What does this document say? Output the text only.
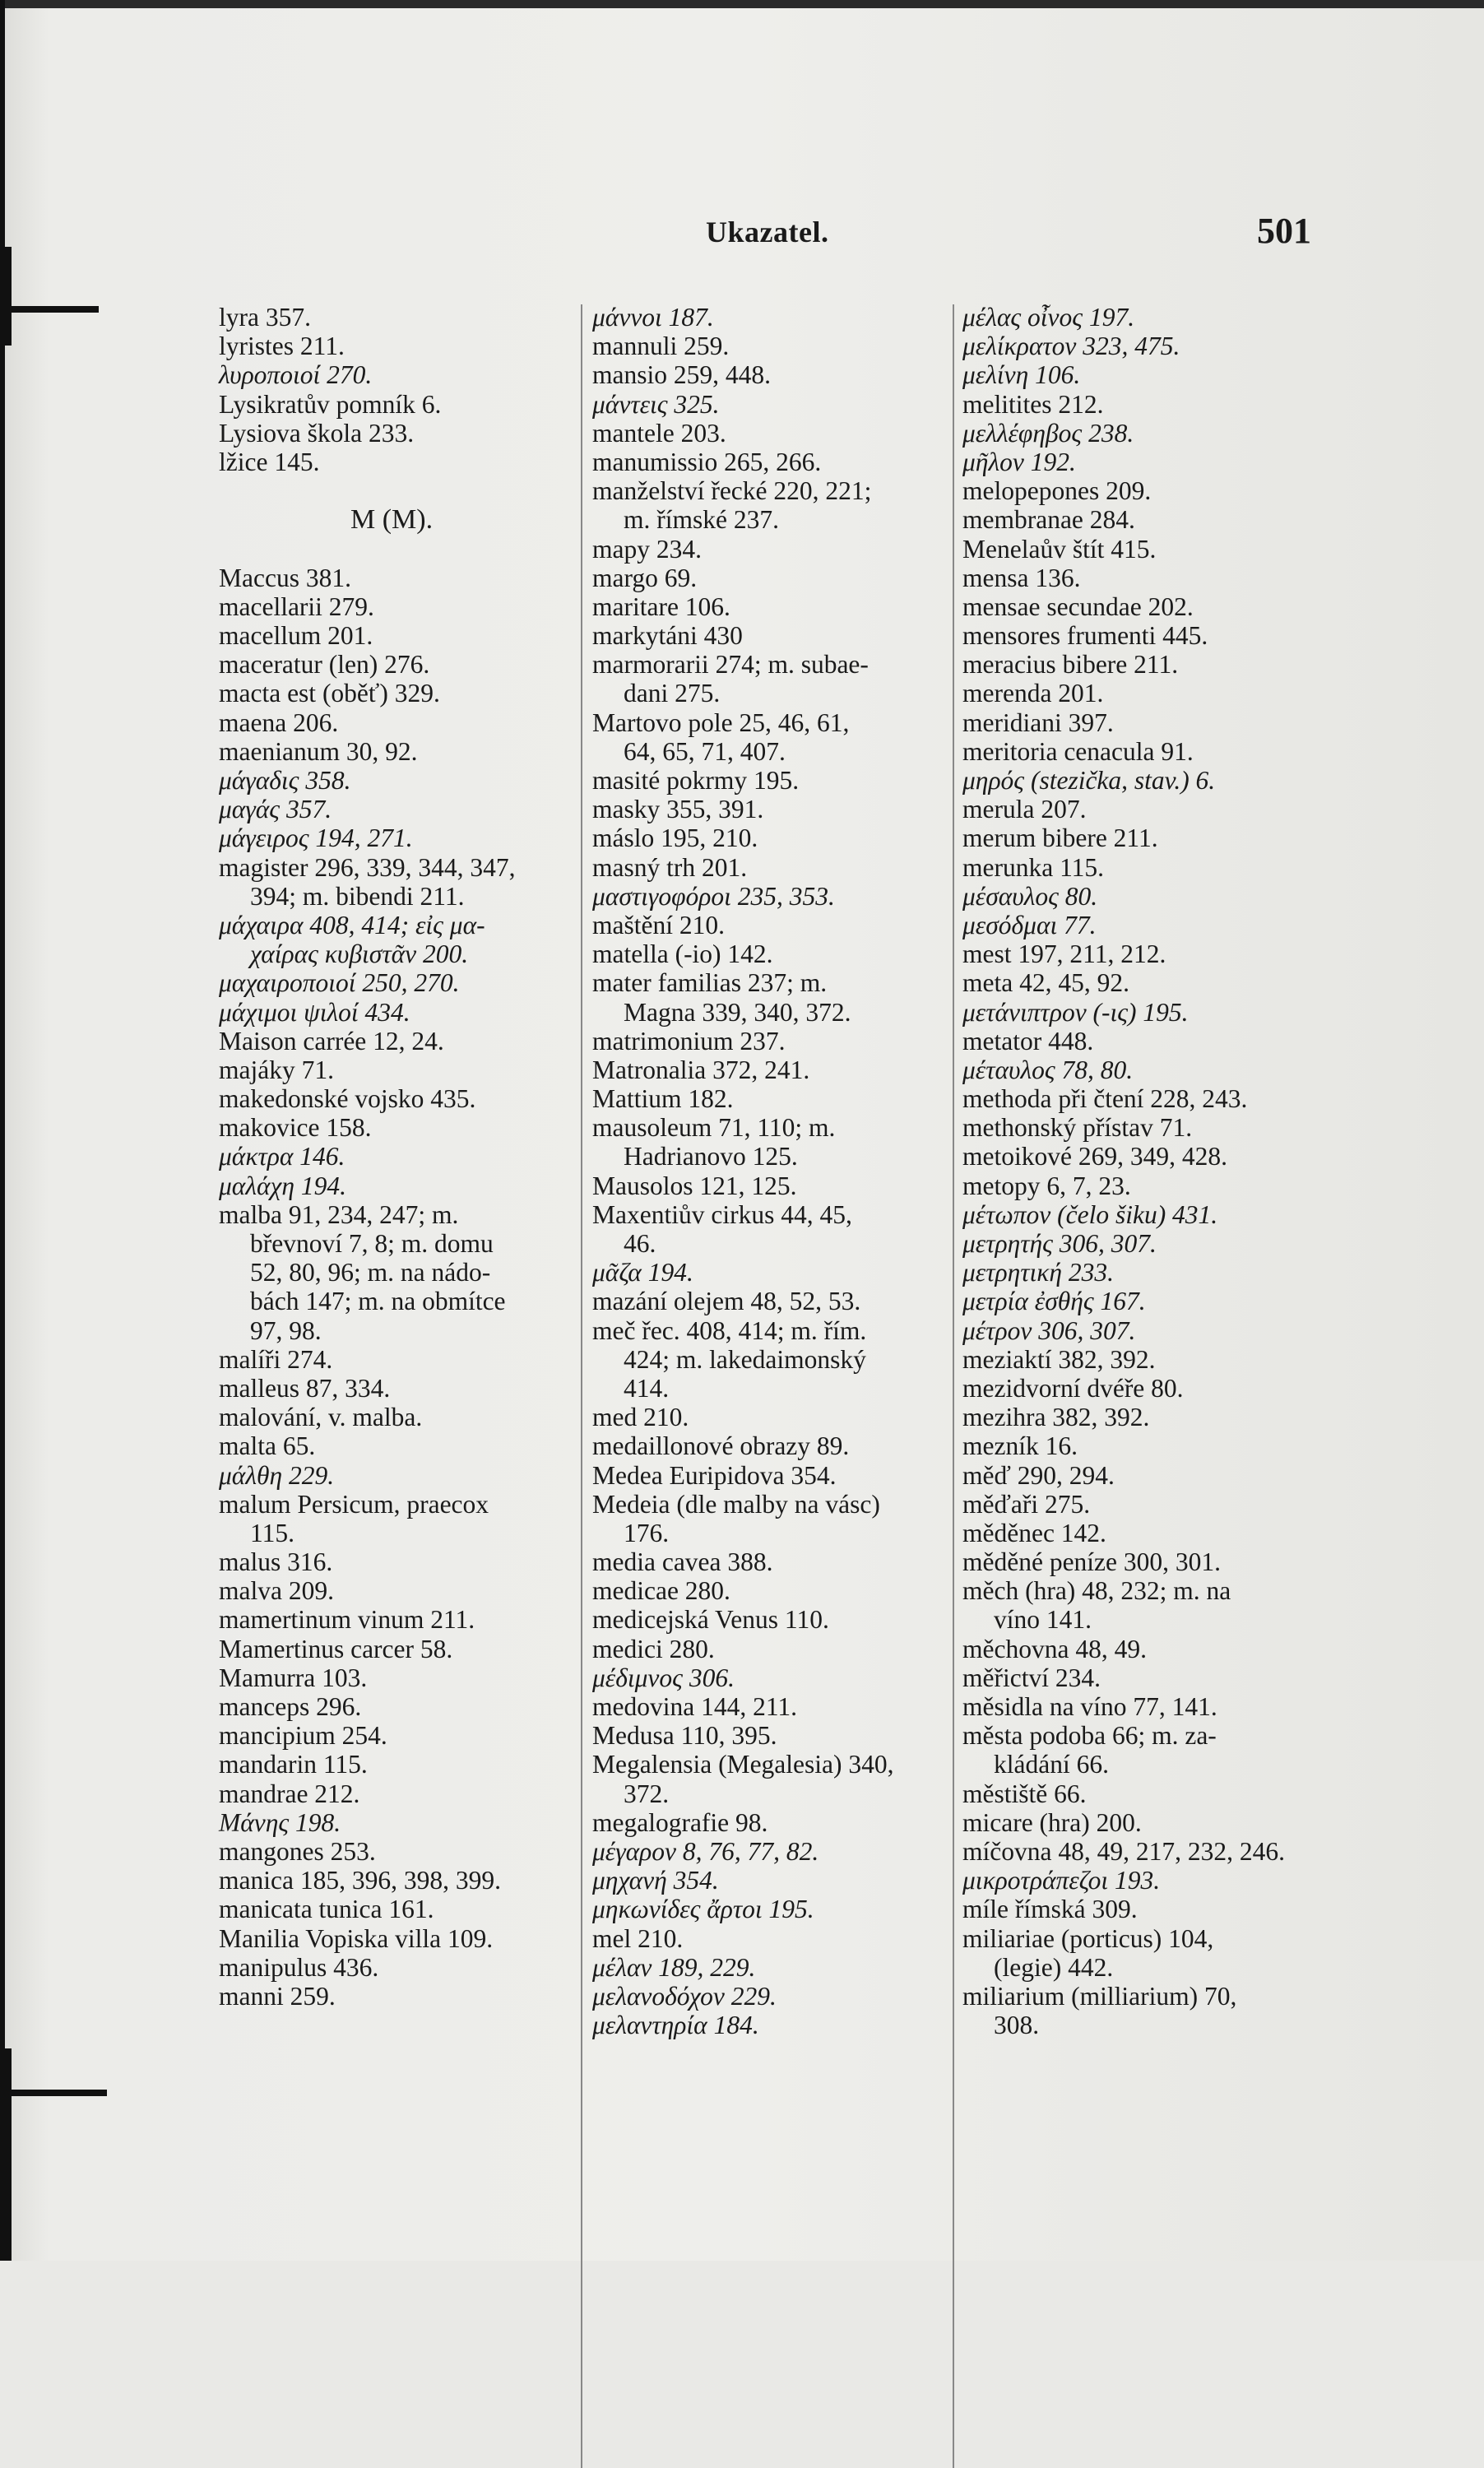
Ukazatel.	501
lyra 357.
lyristes 211.
λυροποιοί 270.
Lysikratův pomník 6.
Lysiova škola 233.
lžice 145.
M (M).
Maccus 381.
macellarii 279.
macellum 201.
maceratur (len) 276.
macta est (oběť) 329.
maena 206.
maenianum 30, 92.
μάγαδις 358.
μαγάς 357.
μάγειρος 194, 271.
magister 296, 339, 344, 347,
394; m. bibendi 211.
μάχαιρα 408, 414; εἰς μα-
χαίρας κυβιστᾶν 200.
μαχαιροποιοί 250, 270.
μάχιμοι ψιλοί 434.
Maison carrée 12, 24.
majáky 71.
makedonské vojsko 435.
makovice 158.
μάκτρα 146.
μαλάχη 194.
malba 91, 234, 247; m.
břevnoví 7, 8; m. domu
52, 80, 96; m. na nádo-
bách 147; m. na obmítce
97, 98.
malíři 274.
malleus 87, 334.
malování, v. malba.
malta 65.
μάλθη 229.
malum Persicum, praecox
115.
malus 316.
malva 209.
mamertinum vinum 211.
Mamertinus carcer 58.
Mamurra 103.
manceps 296.
mancipium 254.
mandarin 115.
mandrae 212.
Μάνης 198.
mangones 253.
manica 185, 396, 398, 399.
manicata tunica 161.
Manilia Vopiska villa 109.
manipulus 436.
manni 259.
μάννοι 187.
mannuli 259.
mansio 259, 448.
μάντεις 325.
mantele 203.
manumissio 265, 266.
manželství řecké 220, 221;
m. římské 237.
mapy 234.
margo 69.
maritare 106.
markytáni 430
marmorarii 274; m. subae-
dani 275.
Martovo pole 25, 46, 61,
64, 65, 71, 407.
masité pokrmy 195.
masky 355, 391.
máslo 195, 210.
masný trh 201.
μαστιγοφόροι 235, 353.
maštění 210.
matella (-io) 142.
mater familias 237; m.
Magna 339, 340, 372.
matrimonium 237.
Matronalia 372, 241.
Mattium 182.
mausoleum 71, 110; m.
Hadrianovo 125.
Mausolos 121, 125.
Maxentiův cirkus 44, 45,
46.
μᾶζα 194.
mazání olejem 48, 52, 53.
meč řec. 408, 414; m. řím.
424; m. lakedaimonský
414.
med 210.
medaillonové obrazy 89.
Medea Euripidova 354.
Medeia (dle malby na vásc)
176.
media cavea 388.
medicae 280.
medicejská Venus 110.
medici 280.
μέδιμνος 306.
medovina 144, 211.
Medusa 110, 395.
Megalensia (Megalesia) 340,
372.
megalografie 98.
μέγαρον 8, 76, 77, 82.
μηχανή 354.
μηκωνίδες ἄρτοι 195.
mel 210.
μέλαν 189, 229.
μελανοδόχον 229.
μελαντηρία 184.
μέλας οἶνος 197.
μελίκρατον 323, 475.
μελίνη 106.
melitites 212.
μελλέφηβος 238.
μῆλον 192.
melopepones 209.
membranae 284.
Menelaův štít 415.
mensa 136.
mensae secundae 202.
mensores frumenti 445.
meracius bibere 211.
merenda 201.
meridiani 397.
meritoria cenacula 91.
μηρός (stezička, stav.) 6.
merula 207.
merum bibere 211.
merunka 115.
μέσαυλος 80.
μεσόδμαι 77.
mest 197, 211, 212.
meta 42, 45, 92.
μετάνιπτρον (-ις) 195.
metator 448.
μέταυλος 78, 80.
methoda při čtení 228, 243.
methonský přístav 71.
metoikové 269, 349, 428.
metopy 6, 7, 23.
μέτωπον (čelo šiku) 431.
μετρητής 306, 307.
μετρητική 233.
μετρία ἐσθής 167.
μέτρον 306, 307.
meziaktí 382, 392.
mezidvorní dvéře 80.
mezihra 382, 392.
mezník 16.
měď 290, 294.
měďaři 275.
měděnec 142.
měděné peníze 300, 301.
měch (hra) 48, 232; m. na
víno 141.
měchovna 48, 49.
měřictví 234.
měsidla na víno 77, 141.
města podoba 66; m. za-
kládání 66.
městiště 66.
micare (hra) 200.
míčovna 48, 49, 217, 232, 246.
μικροτράπεζοι 193.
míle římská 309.
miliariae (porticus) 104,
(legie) 442.
miliarium (milliarium) 70,
308.
